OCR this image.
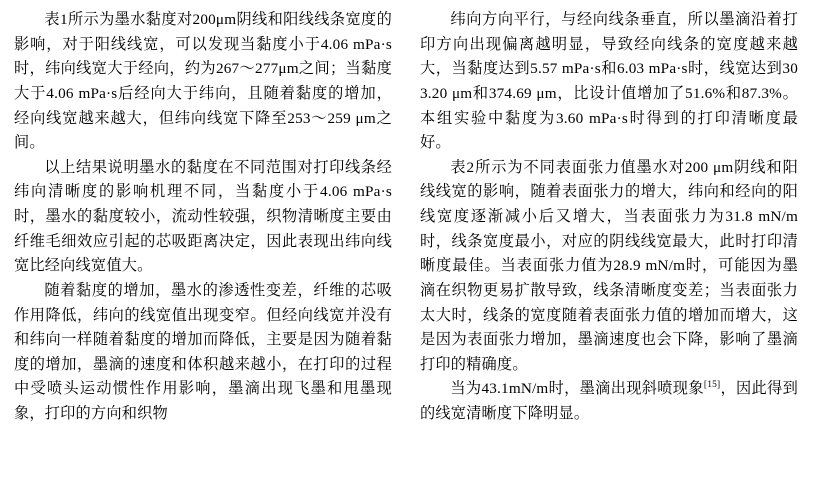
表1所示为墨水黏度对200μm阴线和阳线线条宽度的影响，对于阳线线宽，可以发现当黏度小于4.06 mPa·s时，纬向线宽大于经向，约为267～277μm之间；当黏度大于4.06 mPa·s后经向大于纬向，且随着黏度的增加，经向线宽越来越大，但纬向线宽下降至253～259 μm之间。

以上结果说明墨水的黏度在不同范围对打印线条经纬向清晰度的影响机理不同，当黏度小于4.06 mPa·s时，墨水的黏度较小，流动性较强，织物清晰度主要由纤维毛细效应引起的芯吸距离决定，因此表现出纬向线宽比经向线宽值大。

随着黏度的增加，墨水的渗透性变差，纤维的芯吸作用降低，纬向的线宽值出现变窄。但经向线宽并没有和纬向一样随着黏度的增加而降低，主要是因为随着黏度的增加，墨滴的速度和体积越来越小，在打印的过程中受喷头运动惯性作用影响，墨滴出现飞墨和甩墨现象，打印的方向和织物

纬向方向平行，与经向线条垂直，所以墨滴沿着打印方向出现偏离越明显，导致经向线条的宽度越来越大，当黏度达到5.57 mPa·s和6.03 mPa·s时，线宽达到303.20 μm和374.69 μm，比设计值增加了51.6%和87.3%。本组实验中黏度为3.60 mPa·s时得到的打印清晰度最好。

表2所示为不同表面张力值墨水对200 μm阴线和阳线线宽的影响，随着表面张力的增大，纬向和经向的阳线宽度逐渐减小后又增大，当表面张力为31.8 mN/m时，线条宽度最小，对应的阴线线宽最大，此时打印清晰度最佳。当表面张力值为28.9 mN/m时，可能因为墨滴在织物更易扩散导致，线条清晰度变差；当表面张力太大时，线条的宽度随着表面张力值的增加而增大，这是因为表面张力增加，墨滴速度也会下降，影响了墨滴打印的精确度。

当为43.1mN/m时，墨滴出现斜喷现象[15]，因此得到的线宽清晰度下降明显。
